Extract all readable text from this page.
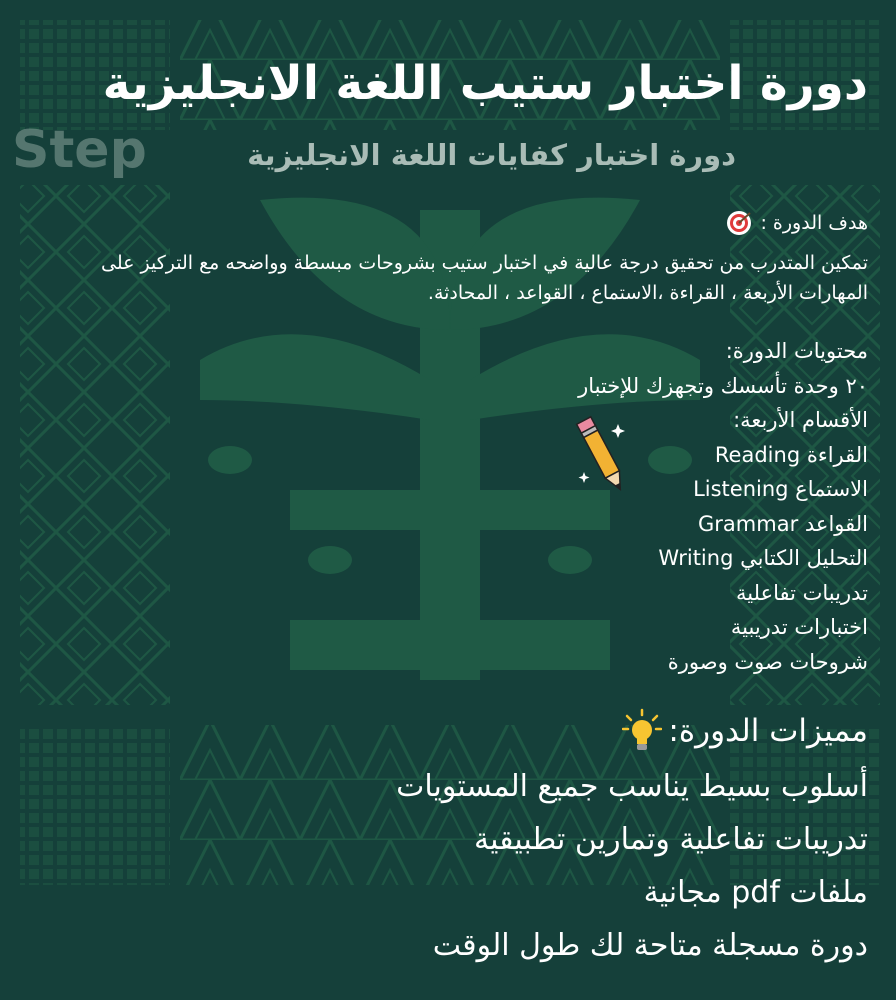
دورة اختبار ستيب اللغة الانجليزية
Step	دورة اختبار كفايات اللغة الانجليزية
هدف الدورة :

تمكين المتدرب من تحقيق درجة عالية في اختبار ستيب بشروحات مبسطة وواضحه مع التركيز على المهارات الأربعة ، القراءة ،الاستماع ، القواعد ، المحادثة.

محتويات الدورة:
٢٠ وحدة تأسسك وتجهزك للإختبار
الأقسام الأربعة:
القراءة Reading
الاستماع Listening
القواعد Grammar
التحليل الكتابي Writing
تدريبات تفاعلية
اختبارات تدريبية
شروحات صوت وصورة
مميزات الدورة:
أسلوب بسيط يناسب جميع المستويات
تدريبات تفاعلية وتمارين تطبيقية
ملفات pdf مجانية
دورة مسجلة متاحة لك طول الوقت
